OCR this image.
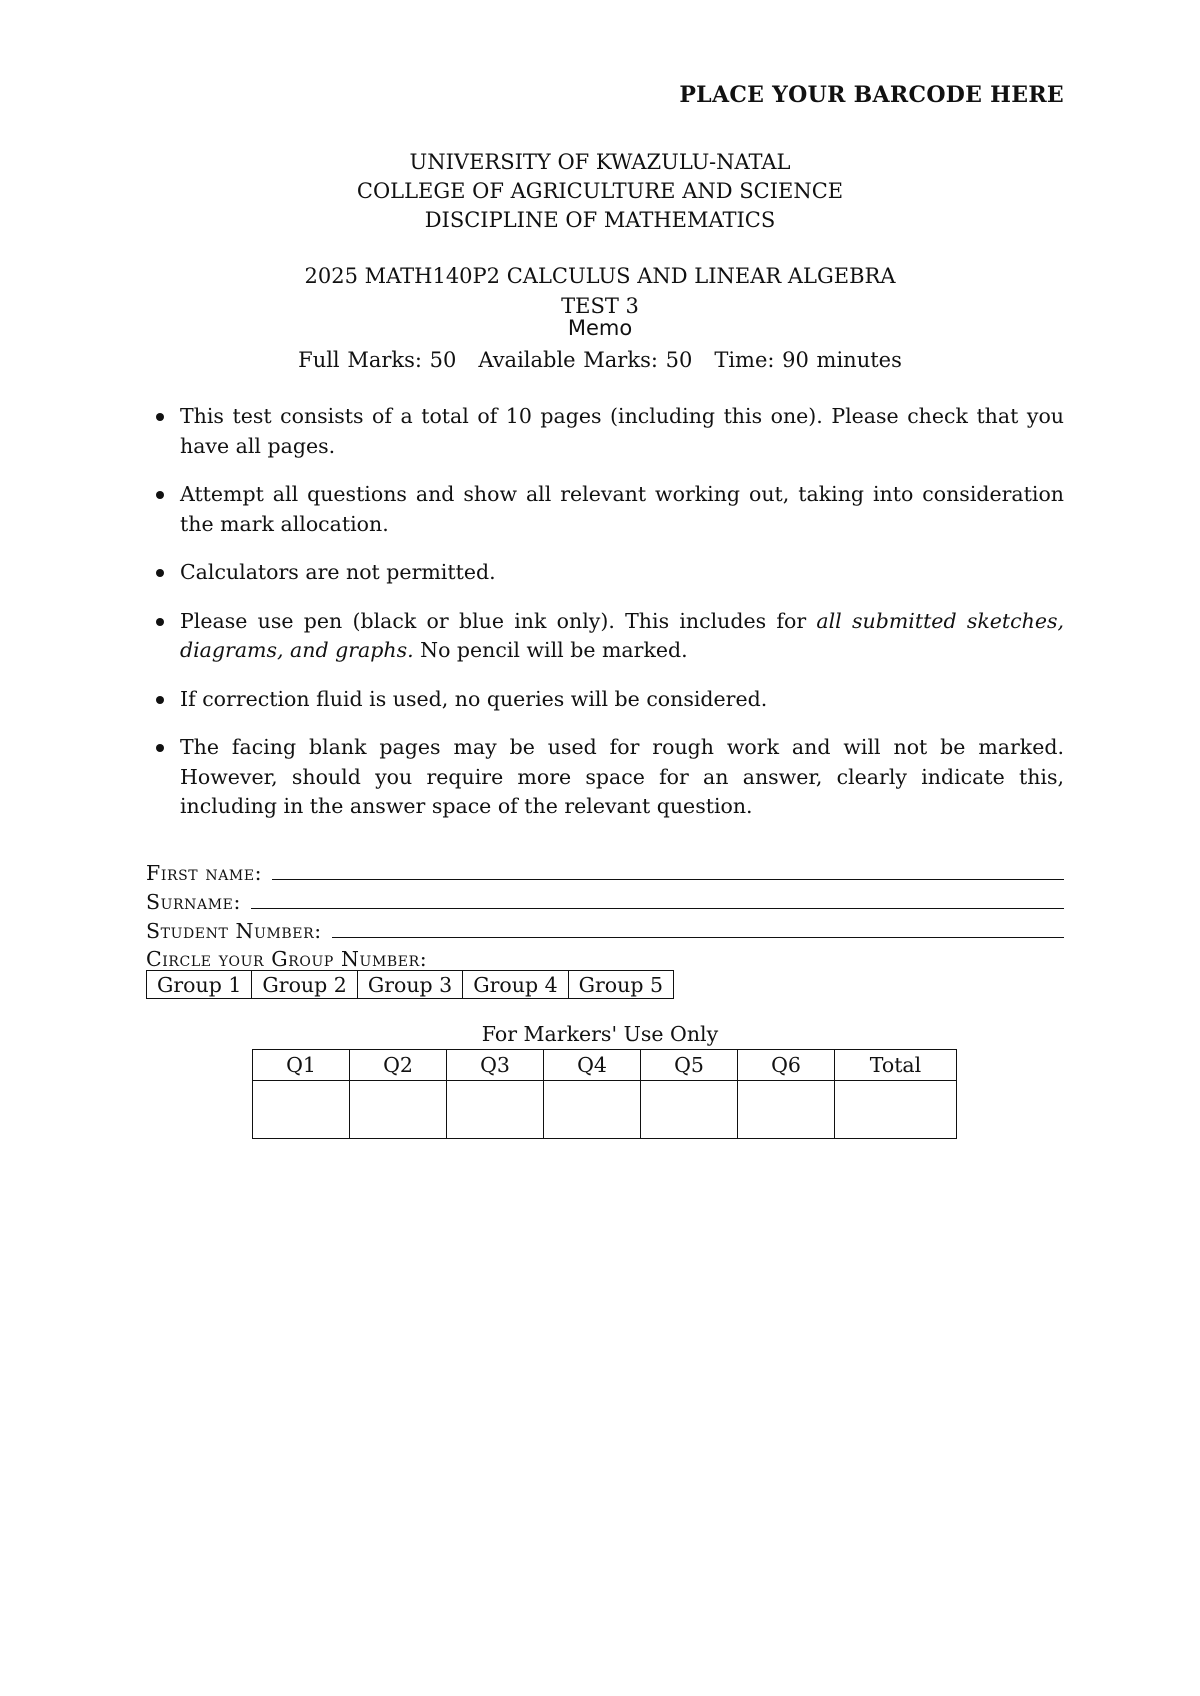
PLACE YOUR BARCODE HERE
UNIVERSITY OF KWAZULU-NATAL
COLLEGE OF AGRICULTURE AND SCIENCE
DISCIPLINE OF MATHEMATICS
2025 MATH140P2 CALCULUS AND LINEAR ALGEBRA
TEST 3
Memo
Full Marks: 50 Available Marks: 50 Time: 90 minutes
This test consists of a total of 10 pages (including this one). Please check that you have all pages.
Attempt all questions and show all relevant working out, taking into consideration the mark allocation.
Calculators are not permitted.
Please use pen (black or blue ink only). This includes for all submitted sketches, diagrams, and graphs. No pencil will be marked.
If correction fluid is used, no queries will be considered.
The facing blank pages may be used for rough work and will not be marked. However, should you require more space for an answer, clearly indicate this, including in the answer space of the relevant question.
First name:
Surname:
Student Number:
Circle your Group Number:
Group 1	Group 2	Group 3	Group 4	Group 5
For Markers' Use Only
Q1	Q2	Q3	Q4	Q5	Q6	Total
